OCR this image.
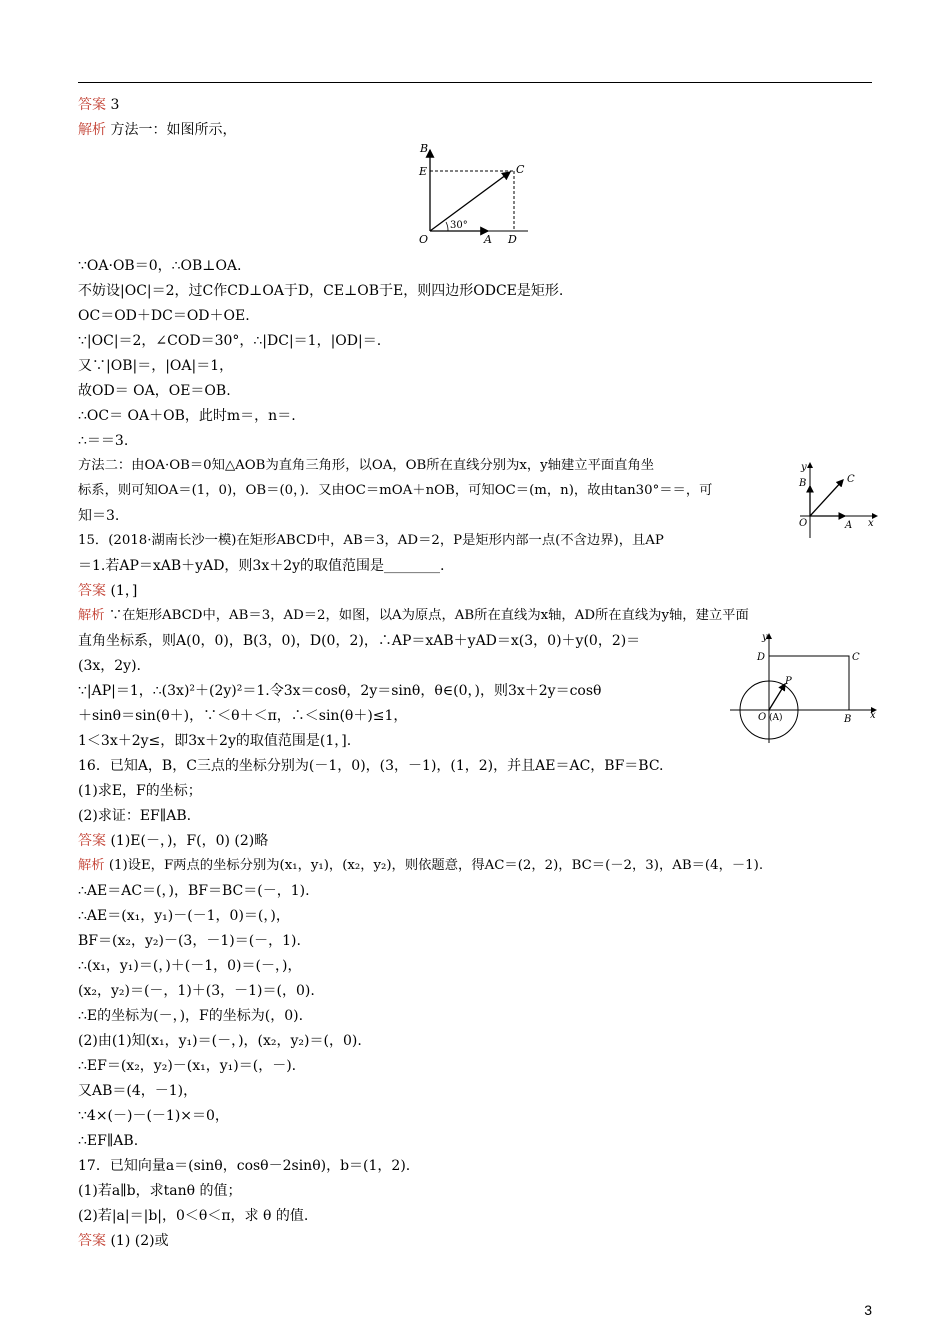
答案 3
解析 方法一：如图所示，
∵OA·OB＝0，∴OB⊥OA.
不妨设|OC|＝2，过C作CD⊥OA于D，CE⊥OB于E，则四边形ODCE是矩形.
OC＝OD＋DC＝OD＋OE.
∵|OC|＝2，∠COD＝30°，∴|DC|＝1，|OD|＝.
又∵|OB|＝，|OA|＝1，
故OD＝ OA，OE＝OB.
∴OC＝ OA＋OB，此时m＝，n＝.
∴＝＝3.
方法二：由OA·OB＝0知△AOB为直角三角形，以OA，OB所在直线分别为x，y轴建立平面直角坐
标系，则可知OA＝(1，0)，OB＝(0，)．又由OC＝mOA＋nOB，可知OC＝(m，n)，故由tan30°＝＝，可
知＝3.
15．(2018·湖南长沙一模)在矩形ABCD中，AB＝3，AD＝2，P是矩形内部一点(不含边界)，且AP
＝1.若AP＝xAB＋yAD，则3x＋2y的取值范围是________.
答案 (1，]
解析 ∵在矩形ABCD中，AB＝3，AD＝2，如图，以A为原点，AB所在直线为x轴，AD所在直线为y轴，建立平面
直角坐标系，则A(0，0)，B(3，0)，D(0，2)，∴AP＝xAB＋yAD＝x(3，0)＋y(0，2)＝
(3x，2y).
∵|AP|＝1，∴(3x)²＋(2y)²＝1.令3x＝cosθ，2y＝sinθ，θ∈(0，)，则3x＋2y＝cosθ
＋sinθ＝sin(θ＋)，∵＜θ＋＜π，∴＜sin(θ＋)≤1，
1＜3x＋2y≤，即3x＋2y的取值范围是(1，].
16．已知A，B，C三点的坐标分别为(－1，0)，(3，－1)，(1，2)，并且AE＝AC，BF＝BC.
(1)求E，F的坐标；
(2)求证：EF∥AB.
答案 (1)E(－，)，F(，0) (2)略
解析 (1)设E，F两点的坐标分别为(x₁，y₁)，(x₂，y₂)，则依题意，得AC＝(2，2)，BC＝(－2，3)，AB＝(4，－1).
∴AE＝AC＝(，)，BF＝BC＝(－，1).
∴AE＝(x₁，y₁)－(－1，0)＝(，)，
BF＝(x₂，y₂)－(3，－1)＝(－，1).
∴(x₁，y₁)＝(，)＋(－1，0)＝(－，)，
(x₂，y₂)＝(－，1)＋(3，－1)＝(，0).
∴E的坐标为(－，)，F的坐标为(，0).
(2)由(1)知(x₁，y₁)＝(－，)，(x₂，y₂)＝(，0).
∴EF＝(x₂，y₂)－(x₁，y₁)＝(，－).
又AB＝(4，－1)，
∵4×(－)－(－1)×＝0，
∴EF∥AB.
17．已知向量a＝(sinθ，cosθ－2sinθ)，b＝(1，2).
(1)若a∥b，求tanθ 的值；
(2)若|a|＝|b|，0＜θ＜π，求 θ 的值.
答案 (1) (2)或
B
E	C
O	A D
30°
y
B	C
O	A x
y
D	C
P
O (A)	B x
3
